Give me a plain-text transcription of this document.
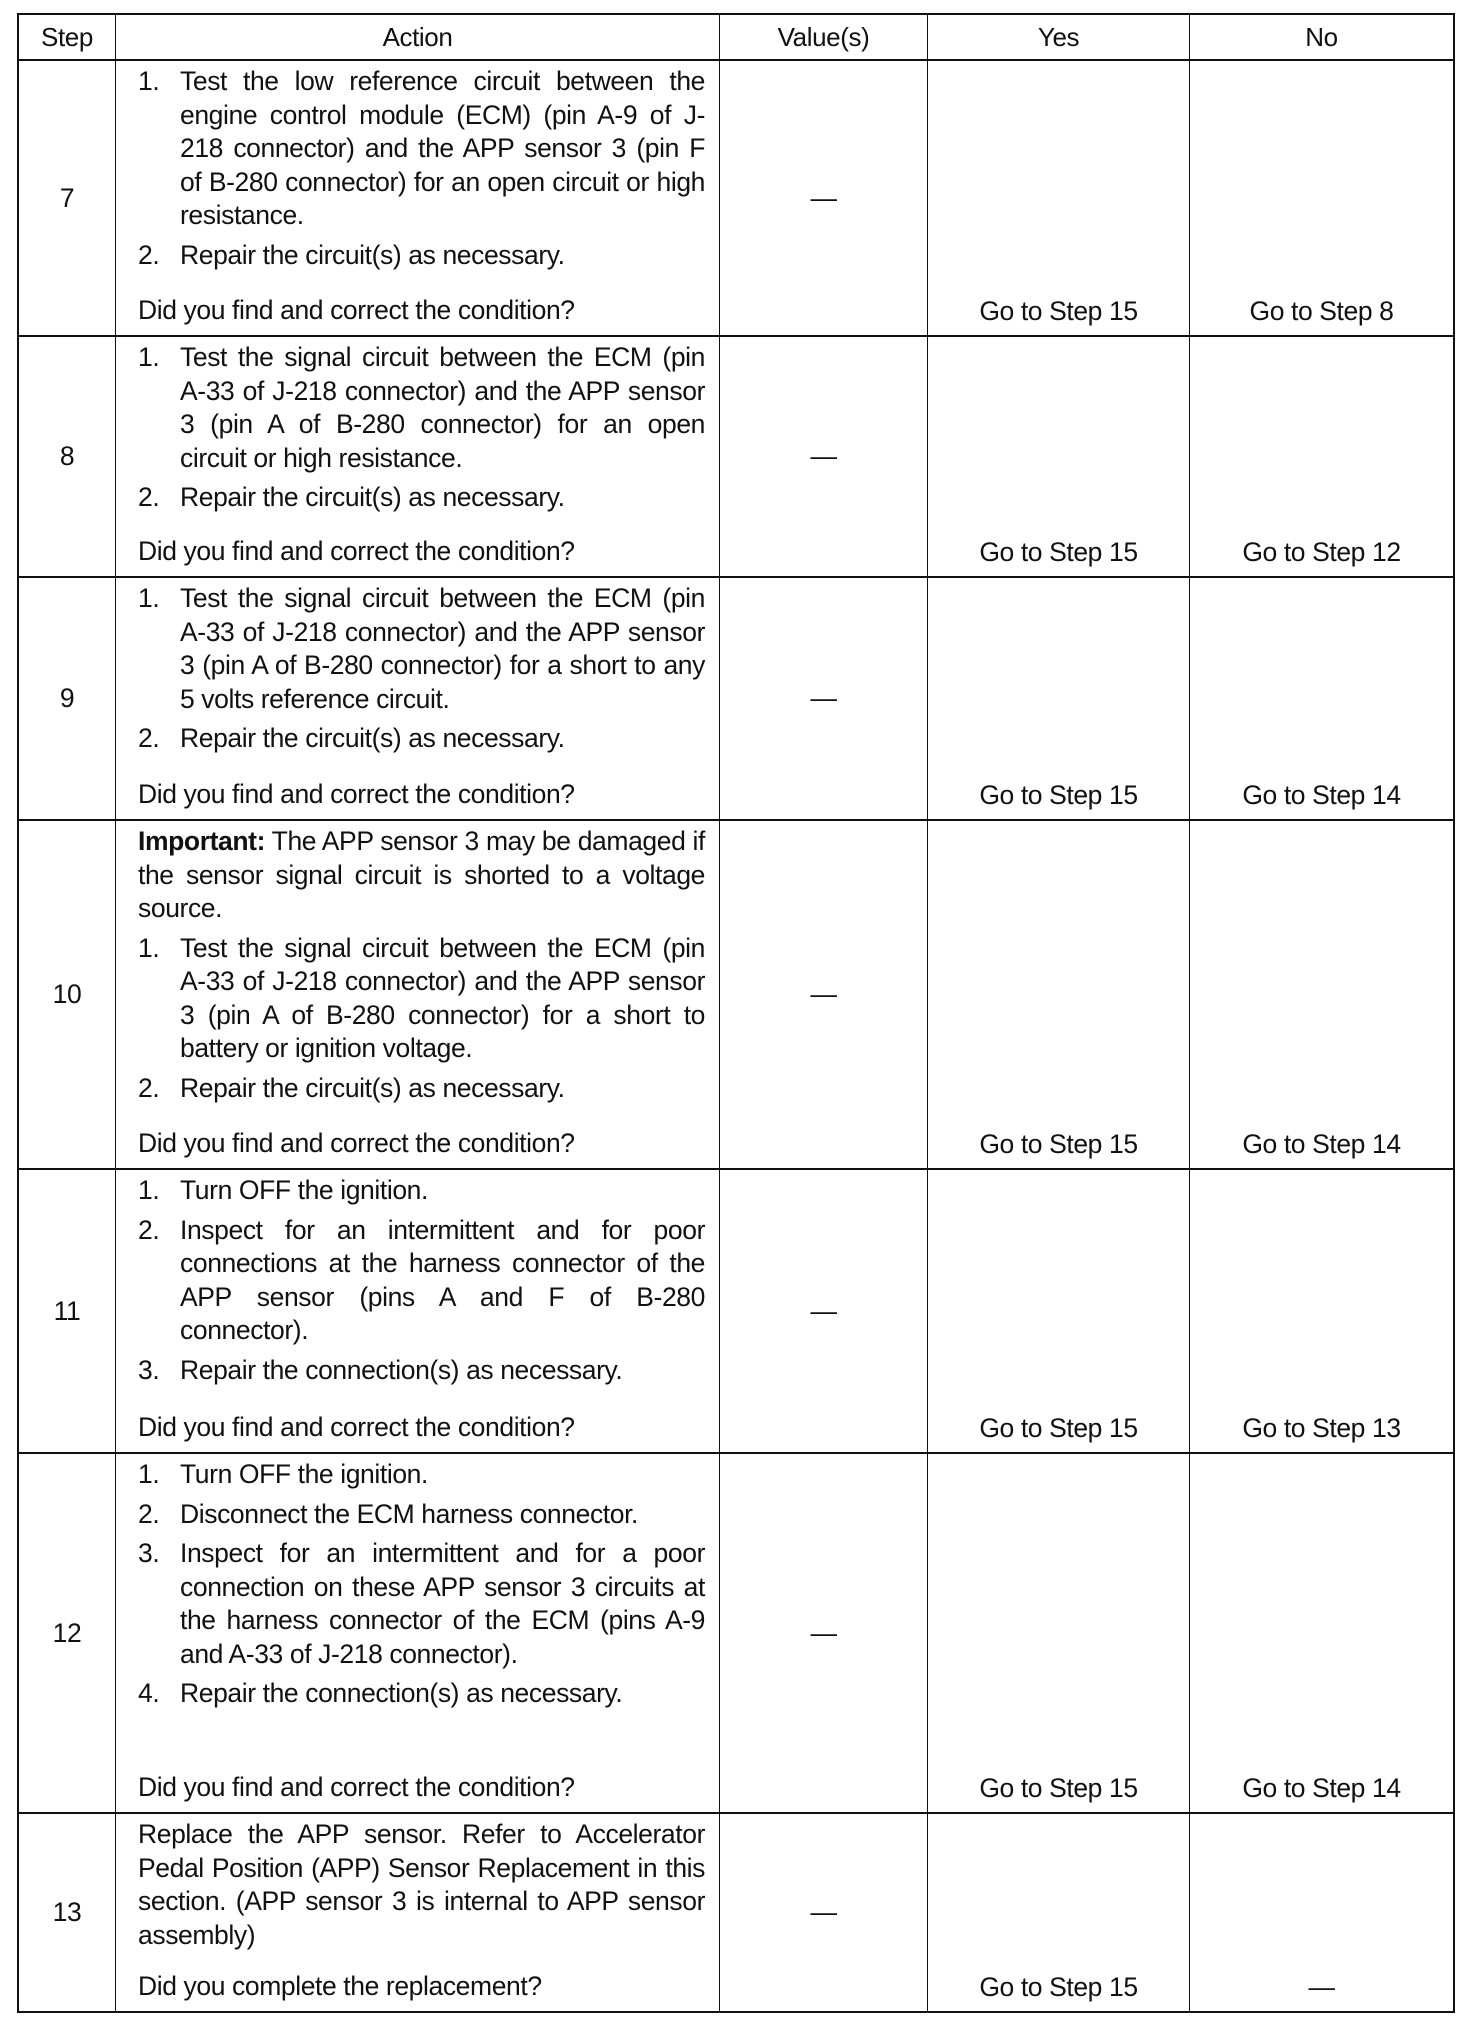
Step	Action	Value(s)	Yes	No
7
1. Test the low reference circuit between the engine control module (ECM) (pin A-9 of J-218 connector) and the APP sensor 3 (pin F of B-280 connector) for an open circuit or high resistance.
2. Repair the circuit(s) as necessary.
Did you find and correct the condition?
—
Go to Step 15	Go to Step 8
8
1. Test the signal circuit between the ECM (pin A-33 of J-218 connector) and the APP sensor 3 (pin A of B-280 connector) for an open circuit or high resistance.
2. Repair the circuit(s) as necessary.
Did you find and correct the condition?
—
Go to Step 15	Go to Step 12
9
1. Test the signal circuit between the ECM (pin A-33 of J-218 connector) and the APP sensor 3 (pin A of B-280 connector) for a short to any 5 volts reference circuit.
2. Repair the circuit(s) as necessary.
Did you find and correct the condition?
—
Go to Step 15	Go to Step 14
10
Important: The APP sensor 3 may be damaged if the sensor signal circuit is shorted to a voltage source.
1. Test the signal circuit between the ECM (pin A-33 of J-218 connector) and the APP sensor 3 (pin A of B-280 connector) for a short to battery or ignition voltage.
2. Repair the circuit(s) as necessary.
Did you find and correct the condition?
—
Go to Step 15	Go to Step 14
11
1. Turn OFF the ignition.
2. Inspect for an intermittent and for poor connections at the harness connector of the APP sensor (pins A and F of B-280 connector).
3. Repair the connection(s) as necessary.
Did you find and correct the condition?
—
Go to Step 15	Go to Step 13
12
1. Turn OFF the ignition.
2. Disconnect the ECM harness connector.
3. Inspect for an intermittent and for a poor connection on these APP sensor 3 circuits at the harness connector of the ECM (pins A-9 and A-33 of J-218 connector).
4. Repair the connection(s) as necessary.
Did you find and correct the condition?
—
Go to Step 15	Go to Step 14
13
Replace the APP sensor. Refer to Accelerator Pedal Position (APP) Sensor Replacement in this section. (APP sensor 3 is internal to APP sensor assembly)
Did you complete the replacement?
—
Go to Step 15	—
